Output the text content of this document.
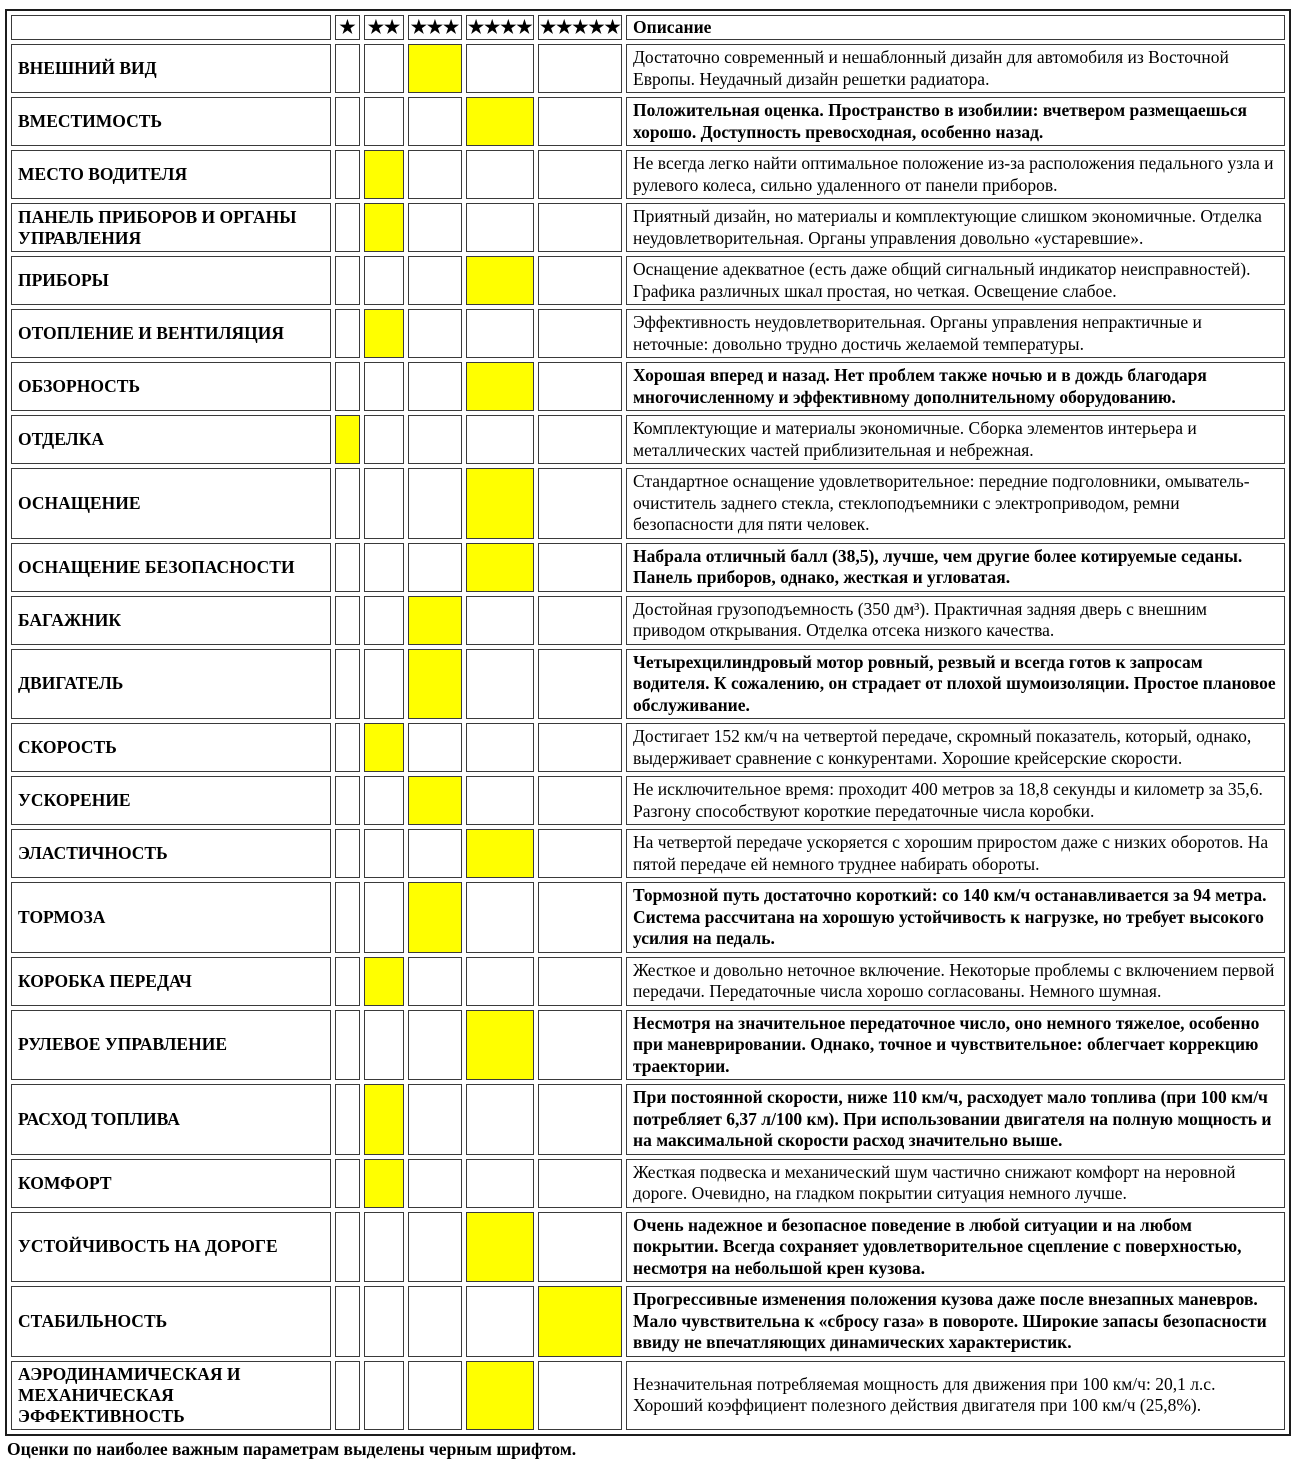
	★	★★	★★★	★★★★	★★★★★	Описание
ВНЕШНИЙ ВИД						Достаточно современный и нешаблонный дизайн для автомобиля из Восточной Европы. Неудачный дизайн решетки радиатора.
ВМЕСТИМОСТЬ						Положительная оценка. Пространство в изобилии: вчетвером размещаешься хорошо. Доступность превосходная, особенно назад.
МЕСТО ВОДИТЕЛЯ						Не всегда легко найти оптимальное положение из-за расположения педального узла и рулевого колеса, сильно удаленного от панели приборов.
ПАНЕЛЬ ПРИБОРОВ И ОРГАНЫ УПРАВЛЕНИЯ						Приятный дизайн, но материалы и комплектующие слишком экономичные. Отделка неудовлетворительная. Органы управления довольно «устаревшие».
ПРИБОРЫ						Оснащение адекватное (есть даже общий сигнальный индикатор неисправностей). Графика различных шкал простая, но четкая. Освещение слабое.
ОТОПЛЕНИЕ И ВЕНТИЛЯЦИЯ						Эффективность неудовлетворительная. Органы управления непрактичные и неточные: довольно трудно достичь желаемой температуры.
ОБЗОРНОСТЬ						Хорошая вперед и назад. Нет проблем также ночью и в дождь благодаря многочисленному и эффективному дополнительному оборудованию.
ОТДЕЛКА						Комплектующие и материалы экономичные. Сборка элементов интерьера и металлических частей приблизительная и небрежная.
ОСНАЩЕНИЕ						Стандартное оснащение удовлетворительное: передние подголовники, омыватель-очиститель заднего стекла, стеклоподъемники с электроприводом, ремни безопасности для пяти человек.
ОСНАЩЕНИЕ БЕЗОПАСНОСТИ						Набрала отличный балл (38,5), лучше, чем другие более котируемые седаны. Панель приборов, однако, жесткая и угловатая.
БАГАЖНИК						Достойная грузоподъемность (350 дм³). Практичная задняя дверь с внешним приводом открывания. Отделка отсека низкого качества.
ДВИГАТЕЛЬ						Четырехцилиндровый мотор ровный, резвый и всегда готов к запросам водителя. К сожалению, он страдает от плохой шумоизоляции. Простое плановое обслуживание.
СКОРОСТЬ						Достигает 152 км/ч на четвертой передаче, скромный показатель, который, однако, выдерживает сравнение с конкурентами. Хорошие крейсерские скорости.
УСКОРЕНИЕ						Не исключительное время: проходит 400 метров за 18,8 секунды и километр за 35,6. Разгону способствуют короткие передаточные числа коробки.
ЭЛАСТИЧНОСТЬ						На четвертой передаче ускоряется с хорошим приростом даже с низких оборотов. На пятой передаче ей немного труднее набирать обороты.
ТОРМОЗА						Тормозной путь достаточно короткий: со 140 км/ч останавливается за 94 метра. Система рассчитана на хорошую устойчивость к нагрузке, но требует высокого усилия на педаль.
КОРОБКА ПЕРЕДАЧ						Жесткое и довольно неточное включение. Некоторые проблемы с включением первой передачи. Передаточные числа хорошо согласованы. Немного шумная.
РУЛЕВОЕ УПРАВЛЕНИЕ						Несмотря на значительное передаточное число, оно немного тяжелое, особенно при маневрировании. Однако, точное и чувствительное: облегчает коррекцию траектории.
РАСХОД ТОПЛИВА						При постоянной скорости, ниже 110 км/ч, расходует мало топлива (при 100 км/ч потребляет 6,37 л/100 км). При использовании двигателя на полную мощность и на максимальной скорости расход значительно выше.
КОМФОРТ						Жесткая подвеска и механический шум частично снижают комфорт на неровной дороге. Очевидно, на гладком покрытии ситуация немного лучше.
УСТОЙЧИВОСТЬ НА ДОРОГЕ						Очень надежное и безопасное поведение в любой ситуации и на любом покрытии. Всегда сохраняет удовлетворительное сцепление с поверхностью, несмотря на небольшой крен кузова.
СТАБИЛЬНОСТЬ						Прогрессивные изменения положения кузова даже после внезапных маневров. Мало чувствительна к «сбросу газа» в повороте. Широкие запасы безопасности ввиду не впечатляющих динамических характеристик.
АЭРОДИНАМИЧЕСКАЯ И МЕХАНИЧЕСКАЯ ЭФФЕКТИВНОСТЬ						Незначительная потребляемая мощность для движения при 100 км/ч: 20,1 л.с. Хороший коэффициент полезного действия двигателя при 100 км/ч (25,8%).
Оценки по наиболее важным параметрам выделены черным шрифтом.
